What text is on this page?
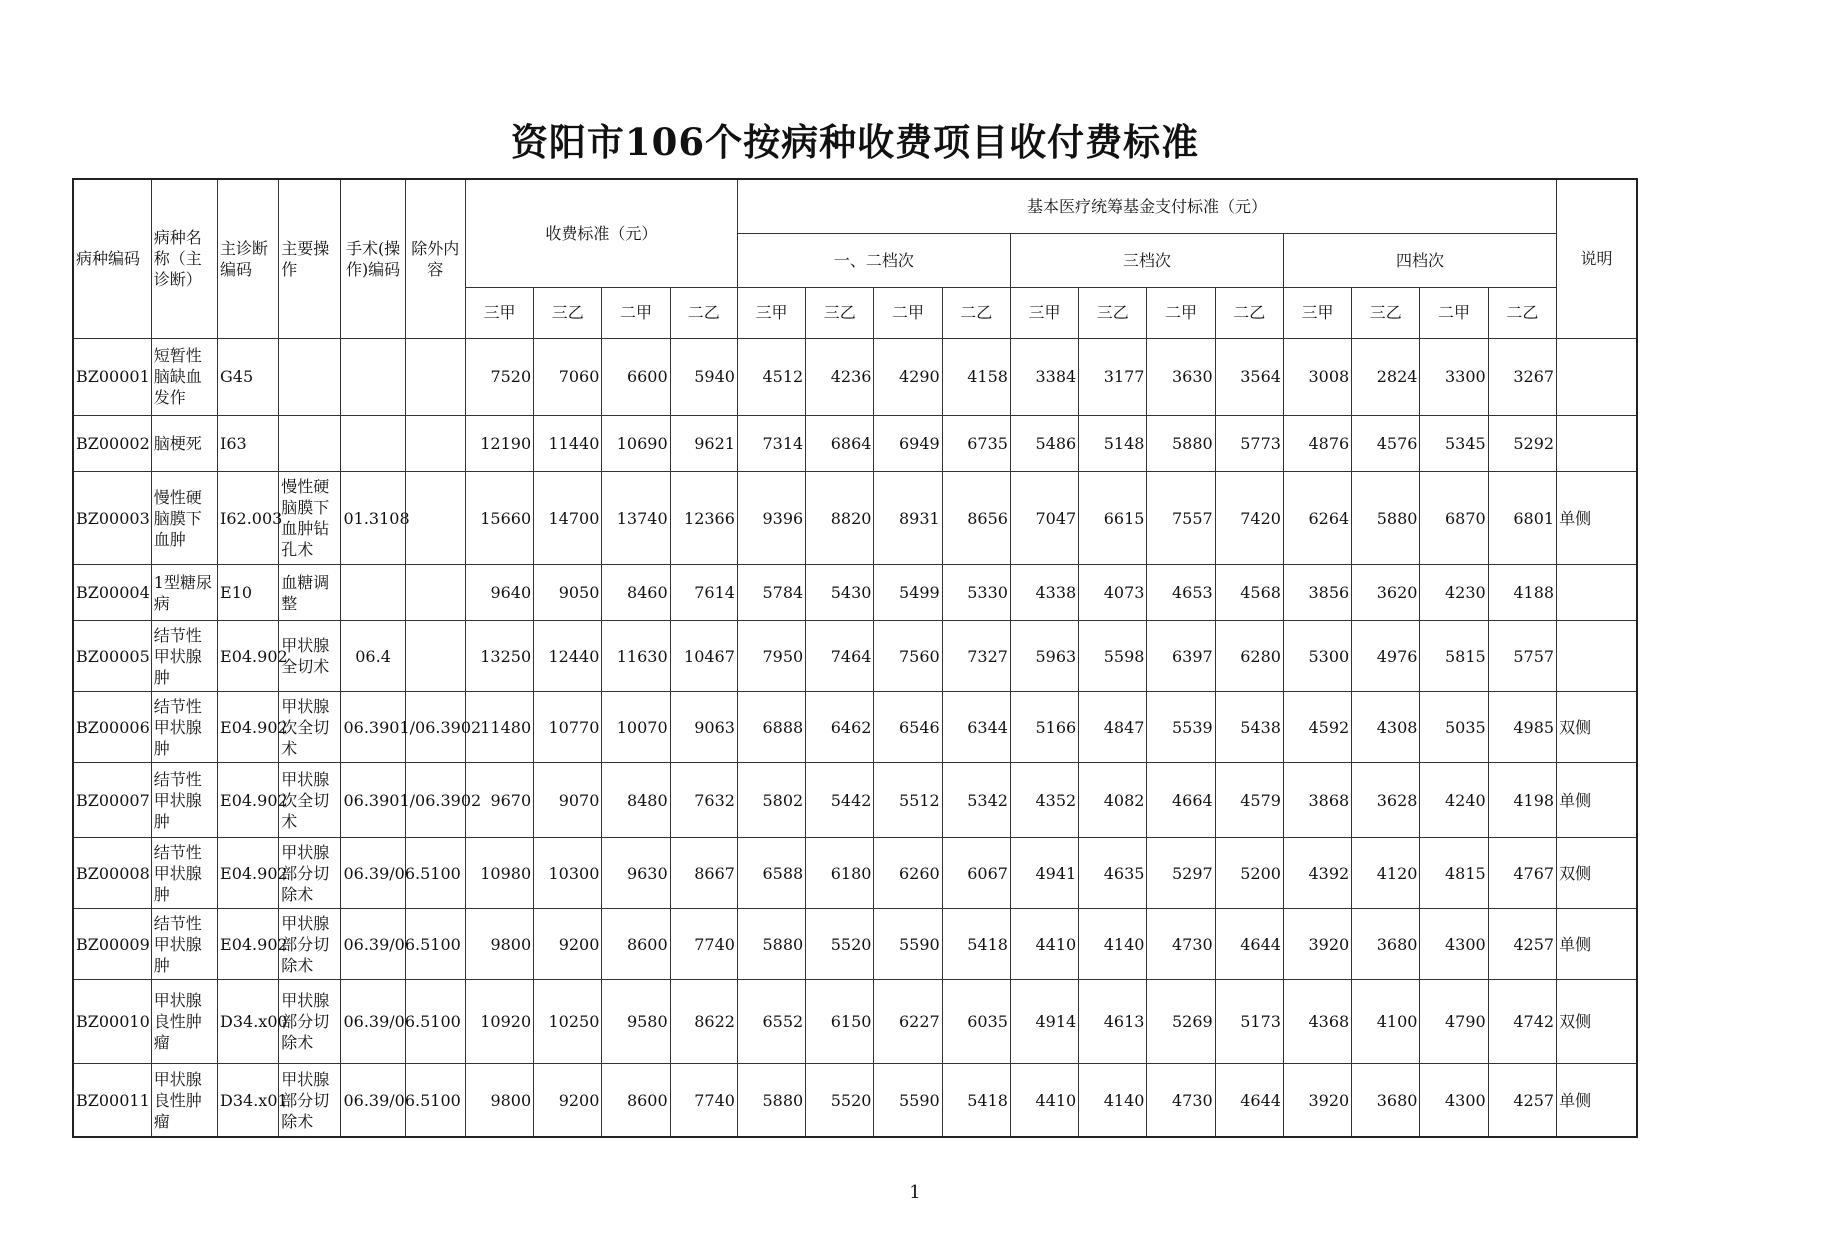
资阳市106个按病种收费项目收付费标准
病种编码	病种名称（主诊断）	主诊断编码	主要操作	手术(操作)编码	除外内容	收费标准（元）				基本医疗统筹基金支付标准（元）												说明
										一、二档次				三档次				四档次				
						三甲	三乙	二甲	二乙	三甲	三乙	二甲	二乙	三甲	三乙	二甲	二乙	三甲	三乙	二甲	二乙	
BZ00001	短暂性脑缺血发作	G45				7520	7060	6600	5940	4512	4236	4290	4158	3384	3177	3630	3564	3008	2824	3300	3267	
BZ00002	脑梗死	I63				12190	11440	10690	9621	7314	6864	6949	6735	5486	5148	5880	5773	4876	4576	5345	5292	
BZ00003	慢性硬脑膜下血肿	I62.003	慢性硬脑膜下血肿钻孔术	01.3108		15660	14700	13740	12366	9396	8820	8931	8656	7047	6615	7557	7420	6264	5880	6870	6801	单侧
BZ00004	1型糖尿病	E10	血糖调整			9640	9050	8460	7614	5784	5430	5499	5330	4338	4073	4653	4568	3856	3620	4230	4188	
BZ00005	结节性甲状腺肿	E04.902	甲状腺全切术	06.4		13250	12440	11630	10467	7950	7464	7560	7327	5963	5598	6397	6280	5300	4976	5815	5757	
BZ00006	结节性甲状腺肿	E04.902	甲状腺次全切术	06.3901/06.3902		11480	10770	10070	9063	6888	6462	6546	6344	5166	4847	5539	5438	4592	4308	5035	4985	双侧
BZ00007	结节性甲状腺肿	E04.902	甲状腺次全切术	06.3901/06.3902		9670	9070	8480	7632	5802	5442	5512	5342	4352	4082	4664	4579	3868	3628	4240	4198	单侧
BZ00008	结节性甲状腺肿	E04.902	甲状腺部分切除术	06.39/06.5100		10980	10300	9630	8667	6588	6180	6260	6067	4941	4635	5297	5200	4392	4120	4815	4767	双侧
BZ00009	结节性甲状腺肿	E04.902	甲状腺部分切除术	06.39/06.5100		9800	9200	8600	7740	5880	5520	5590	5418	4410	4140	4730	4644	3920	3680	4300	4257	单侧
BZ00010	甲状腺良性肿瘤	D34.x00	甲状腺部分切除术	06.39/06.5100		10920	10250	9580	8622	6552	6150	6227	6035	4914	4613	5269	5173	4368	4100	4790	4742	双侧
BZ00011	甲状腺良性肿瘤	D34.x01	甲状腺部分切除术	06.39/06.5100		9800	9200	8600	7740	5880	5520	5590	5418	4410	4140	4730	4644	3920	3680	4300	4257	单侧
1
